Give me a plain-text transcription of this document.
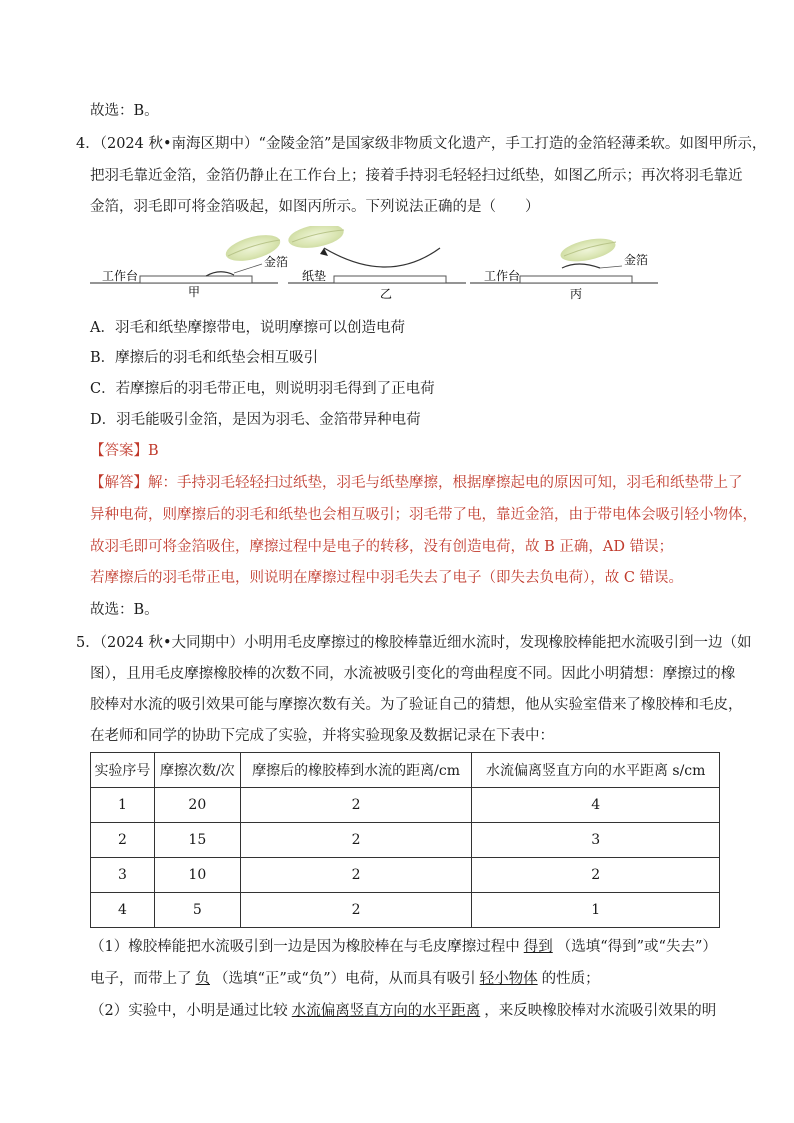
故选：B。
4．（2024 秋•南海区期中）“金陵金箔”是国家级非物质文化遗产，手工打造的金箔轻薄柔软。如图甲所示，
把羽毛靠近金箔，金箔仍静止在工作台上；接着手持羽毛轻轻扫过纸垫，如图乙所示；再次将羽毛靠近
金箔，羽毛即可将金箔吸起，如图丙所示。下列说法正确的是（　　）
金箔
工作台
甲
纸垫
乙
金箔
工作台
丙
A．羽毛和纸垫摩擦带电，说明摩擦可以创造电荷
B．摩擦后的羽毛和纸垫会相互吸引
C．若摩擦后的羽毛带正电，则说明羽毛得到了正电荷
D．羽毛能吸引金箔，是因为羽毛、金箔带异种电荷
【答案】B
【解答】解：手持羽毛轻轻扫过纸垫，羽毛与纸垫摩擦，根据摩擦起电的原因可知，羽毛和纸垫带上了
异种电荷，则摩擦后的羽毛和纸垫也会相互吸引；羽毛带了电，靠近金箔，由于带电体会吸引轻小物体，
故羽毛即可将金箔吸住，摩擦过程中是电子的转移，没有创造电荷，故 B 正确，AD 错误；
若摩擦后的羽毛带正电，则说明在摩擦过程中羽毛失去了电子（即失去负电荷），故 C 错误。
故选：B。
5．（2024 秋•大同期中）小明用毛皮摩擦过的橡胶棒靠近细水流时，发现橡胶棒能把水流吸引到一边（如
图），且用毛皮摩擦橡胶棒的次数不同，水流被吸引变化的弯曲程度不同。因此小明猜想：摩擦过的橡
胶棒对水流的吸引效果可能与摩擦次数有关。为了验证自己的猜想，他从实验室借来了橡胶棒和毛皮，
在老师和同学的协助下完成了实验，并将实验现象及数据记录在下表中：
实验序号	摩擦次数/次	摩擦后的橡胶棒到水流的距离/cm	水流偏离竖直方向的水平距离 s/cm
1	20	2	4
2	15	2	3
3	10	2	2
4	5	2	1
（1）橡胶棒能把水流吸引到一边是因为橡胶棒在与毛皮摩擦过程中 得到 （选填“得到”或“失去”）
电子，而带上了 负 （选填“正”或“负”）电荷，从而具有吸引 轻小物体 的性质；
（2）实验中，小明是通过比较 水流偏离竖直方向的水平距离 ，来反映橡胶棒对水流吸引效果的明
